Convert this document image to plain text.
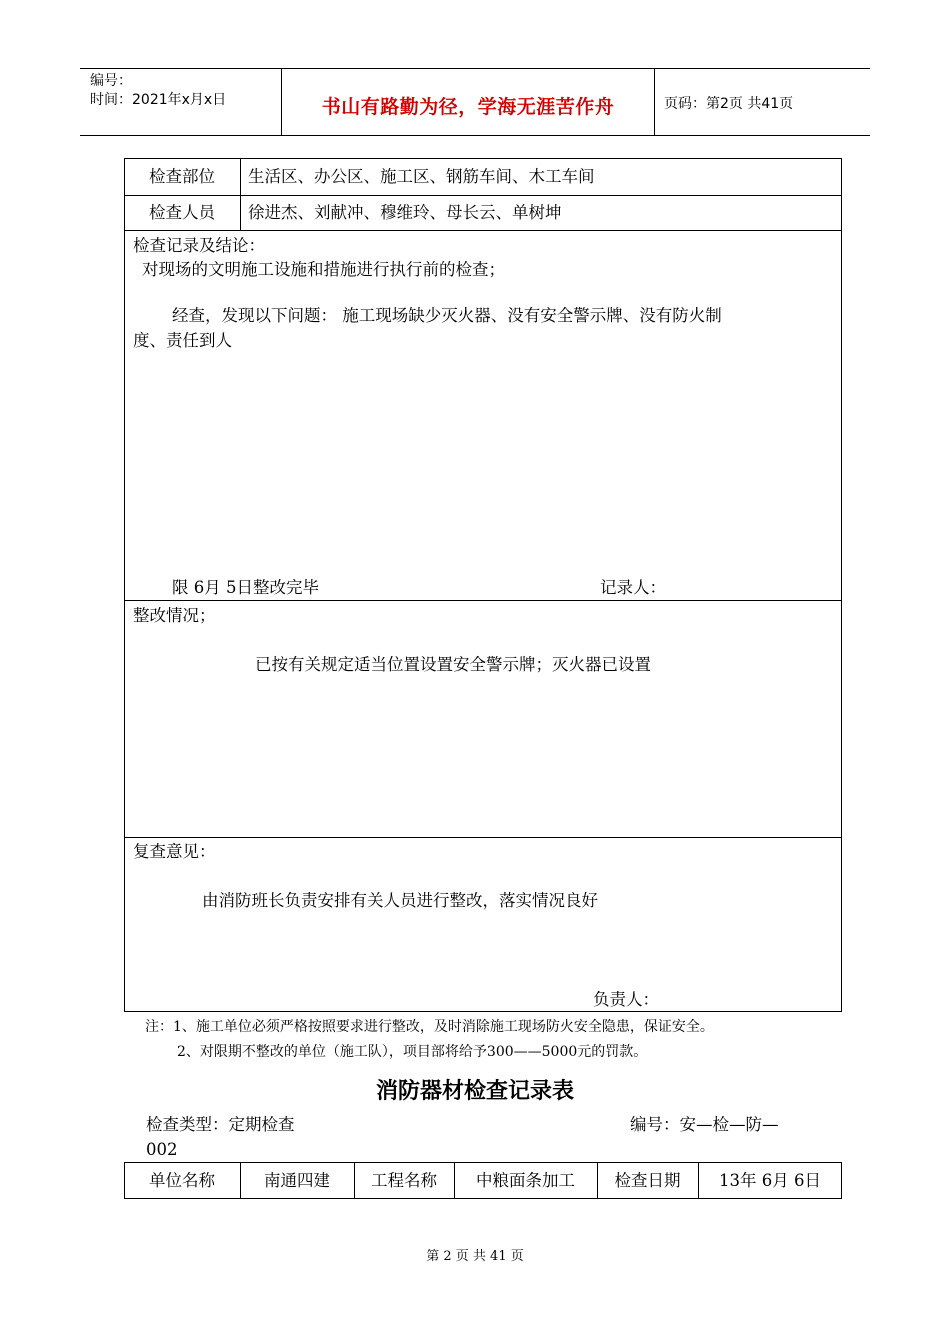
编号：
时间：2021年x月x日	书山有路勤为径，学海无涯苦作舟	页码：第2页 共41页
检查部位	生活区、办公区、施工区、钢筋车间、木工车间
检查人员	徐进杰、刘献冲、穆维玲、母长云、单树坤
检查记录及结论：
对现场的文明施工设施和措施进行执行前的检查；
经查，发现以下问题： 施工现场缺少灭火器、没有安全警示牌、没有防火制
度、责任到人
限 6月 5日整改完毕	记录人：
整改情况；
已按有关规定适当位置设置安全警示牌；灭火器已设置
复查意见：
由消防班长负责安排有关人员进行整改，落实情况良好
负责人：
注：1、施工单位必须严格按照要求进行整改，及时消除施工现场防火安全隐患，保证安全。
2、对限期不整改的单位（施工队），项目部将给予300——5000元的罚款。
消防器材检查记录表
检查类型：定期检查	编号：安—检—防—
002
单位名称	南通四建	工程名称	中粮面条加工	检查日期	13年 6月 6日
第 2 页 共 41 页
